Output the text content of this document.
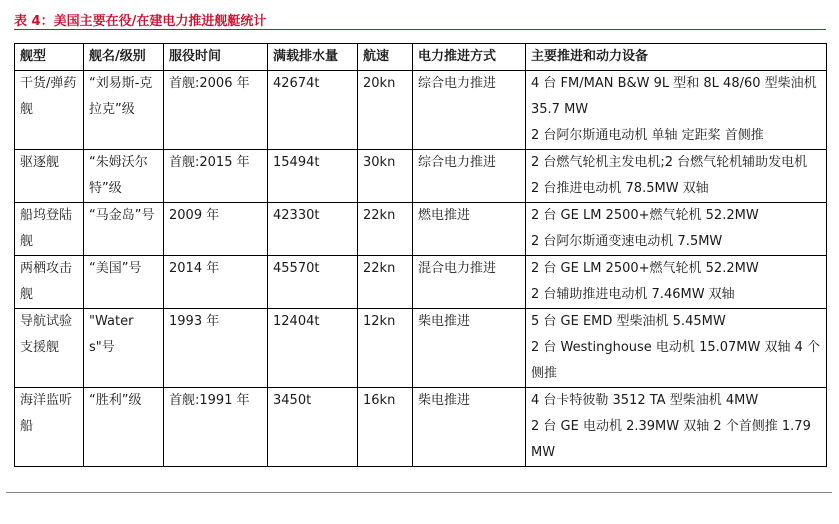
表 4：美国主要在役/在建电力推进舰艇统计
舰型	舰名/级别	服役时间	满载排水量	航速	电力推进方式	主要推进和动力设备
干货/弹药舰	“刘易斯-克拉克”级	首舰:2006 年	42674t	20kn	综合电力推进	4 台 FM/MAN B&W 9L 型和 8L 48/60 型柴油机 35.7 MW
2 台阿尔斯通电动机 单轴 定距桨 首侧推

驱逐舰	“朱姆沃尔特”级	首舰:2015 年	15494t	30kn	综合电力推进	2 台燃气轮机主发电机;2 台燃气轮机辅助发电机
2 台推进电动机 78.5MW 双轴

船坞登陆舰	“马金岛”号	2009 年	42330t	22kn	燃电推进	2 台 GE LM 2500+燃气轮机 52.2MW
2 台阿尔斯通变速电动机 7.5MW

两栖攻击舰	“美国”号	2014 年	45570t	22kn	混合电力推进	2 台 GE LM 2500+燃气轮机 52.2MW
2 台辅助推进电动机 7.46MW 双轴

导航试验支援舰	"Waters"号	1993 年	12404t	12kn	柴电推进	5 台 GE EMD 型柴油机 5.45MW
2 台 Westinghouse 电动机 15.07MW 双轴 4 个侧推

海洋监听船	“胜利”级	首舰:1991 年	3450t	16kn	柴电推进	4 台卡特彼勒 3512 TA 型柴油机 4MW
2 台 GE 电动机 2.39MW 双轴 2 个首侧推 1.79MW
